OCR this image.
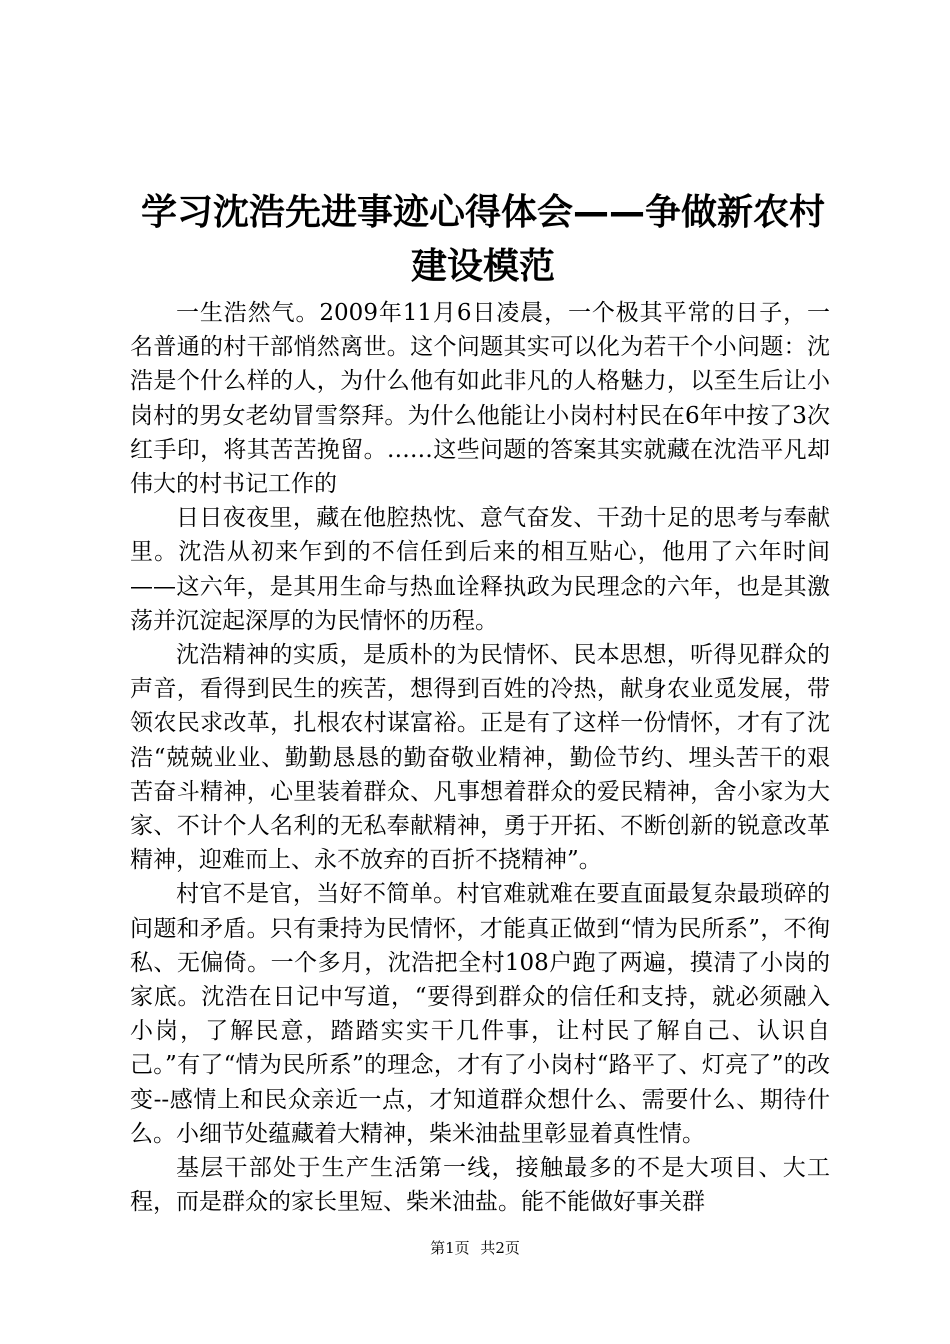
学习沈浩先进事迹心得体会——争做新农村建设模范

一生浩然气。2009年11月6日凌晨，一个极其平常的日子，一名普通的村干部悄然离世。这个问题其实可以化为若干个小问题：沈浩是个什么样的人，为什么他有如此非凡的人格魅力，以至生后让小岗村的男女老幼冒雪祭拜。为什么他能让小岗村村民在6年中按了3次红手印，将其苦苦挽留。……这些问题的答案其实就藏在沈浩平凡却伟大的村书记工作的

日日夜夜里，藏在他腔热忱、意气奋发、干劲十足的思考与奉献里。沈浩从初来乍到的不信任到后来的相互贴心，他用了六年时间——这六年，是其用生命与热血诠释执政为民理念的六年，也是其激荡并沉淀起深厚的为民情怀的历程。

沈浩精神的实质，是质朴的为民情怀、民本思想，听得见群众的声音，看得到民生的疾苦，想得到百姓的冷热，献身农业觅发展，带领农民求改革，扎根农村谋富裕。正是有了这样一份情怀，才有了沈浩“兢兢业业、勤勤恳恳的勤奋敬业精神，勤俭节约、埋头苦干的艰苦奋斗精神，心里装着群众、凡事想着群众的爱民精神，舍小家为大家、不计个人名利的无私奉献精神，勇于开拓、不断创新的锐意改革精神，迎难而上、永不放弃的百折不挠精神”。

村官不是官，当好不简单。村官难就难在要直面最复杂最琐碎的问题和矛盾。只有秉持为民情怀，才能真正做到“情为民所系”，不徇私、无偏倚。一个多月，沈浩把全村108户跑了两遍，摸清了小岗的家底。沈浩在日记中写道，“要得到群众的信任和支持，就必须融入小岗，了解民意，踏踏实实干几件事，让村民了解自己、认识自己。”有了“情为民所系”的理念，才有了小岗村“路平了、灯亮了”的改变--感情上和民众亲近一点，才知道群众想什么、需要什么、期待什么。小细节处蕴藏着大精神，柴米油盐里彰显着真性情。

基层干部处于生产生活第一线，接触最多的不是大项目、大工程，而是群众的家长里短、柴米油盐。能不能做好事关群

第1页 共2页
